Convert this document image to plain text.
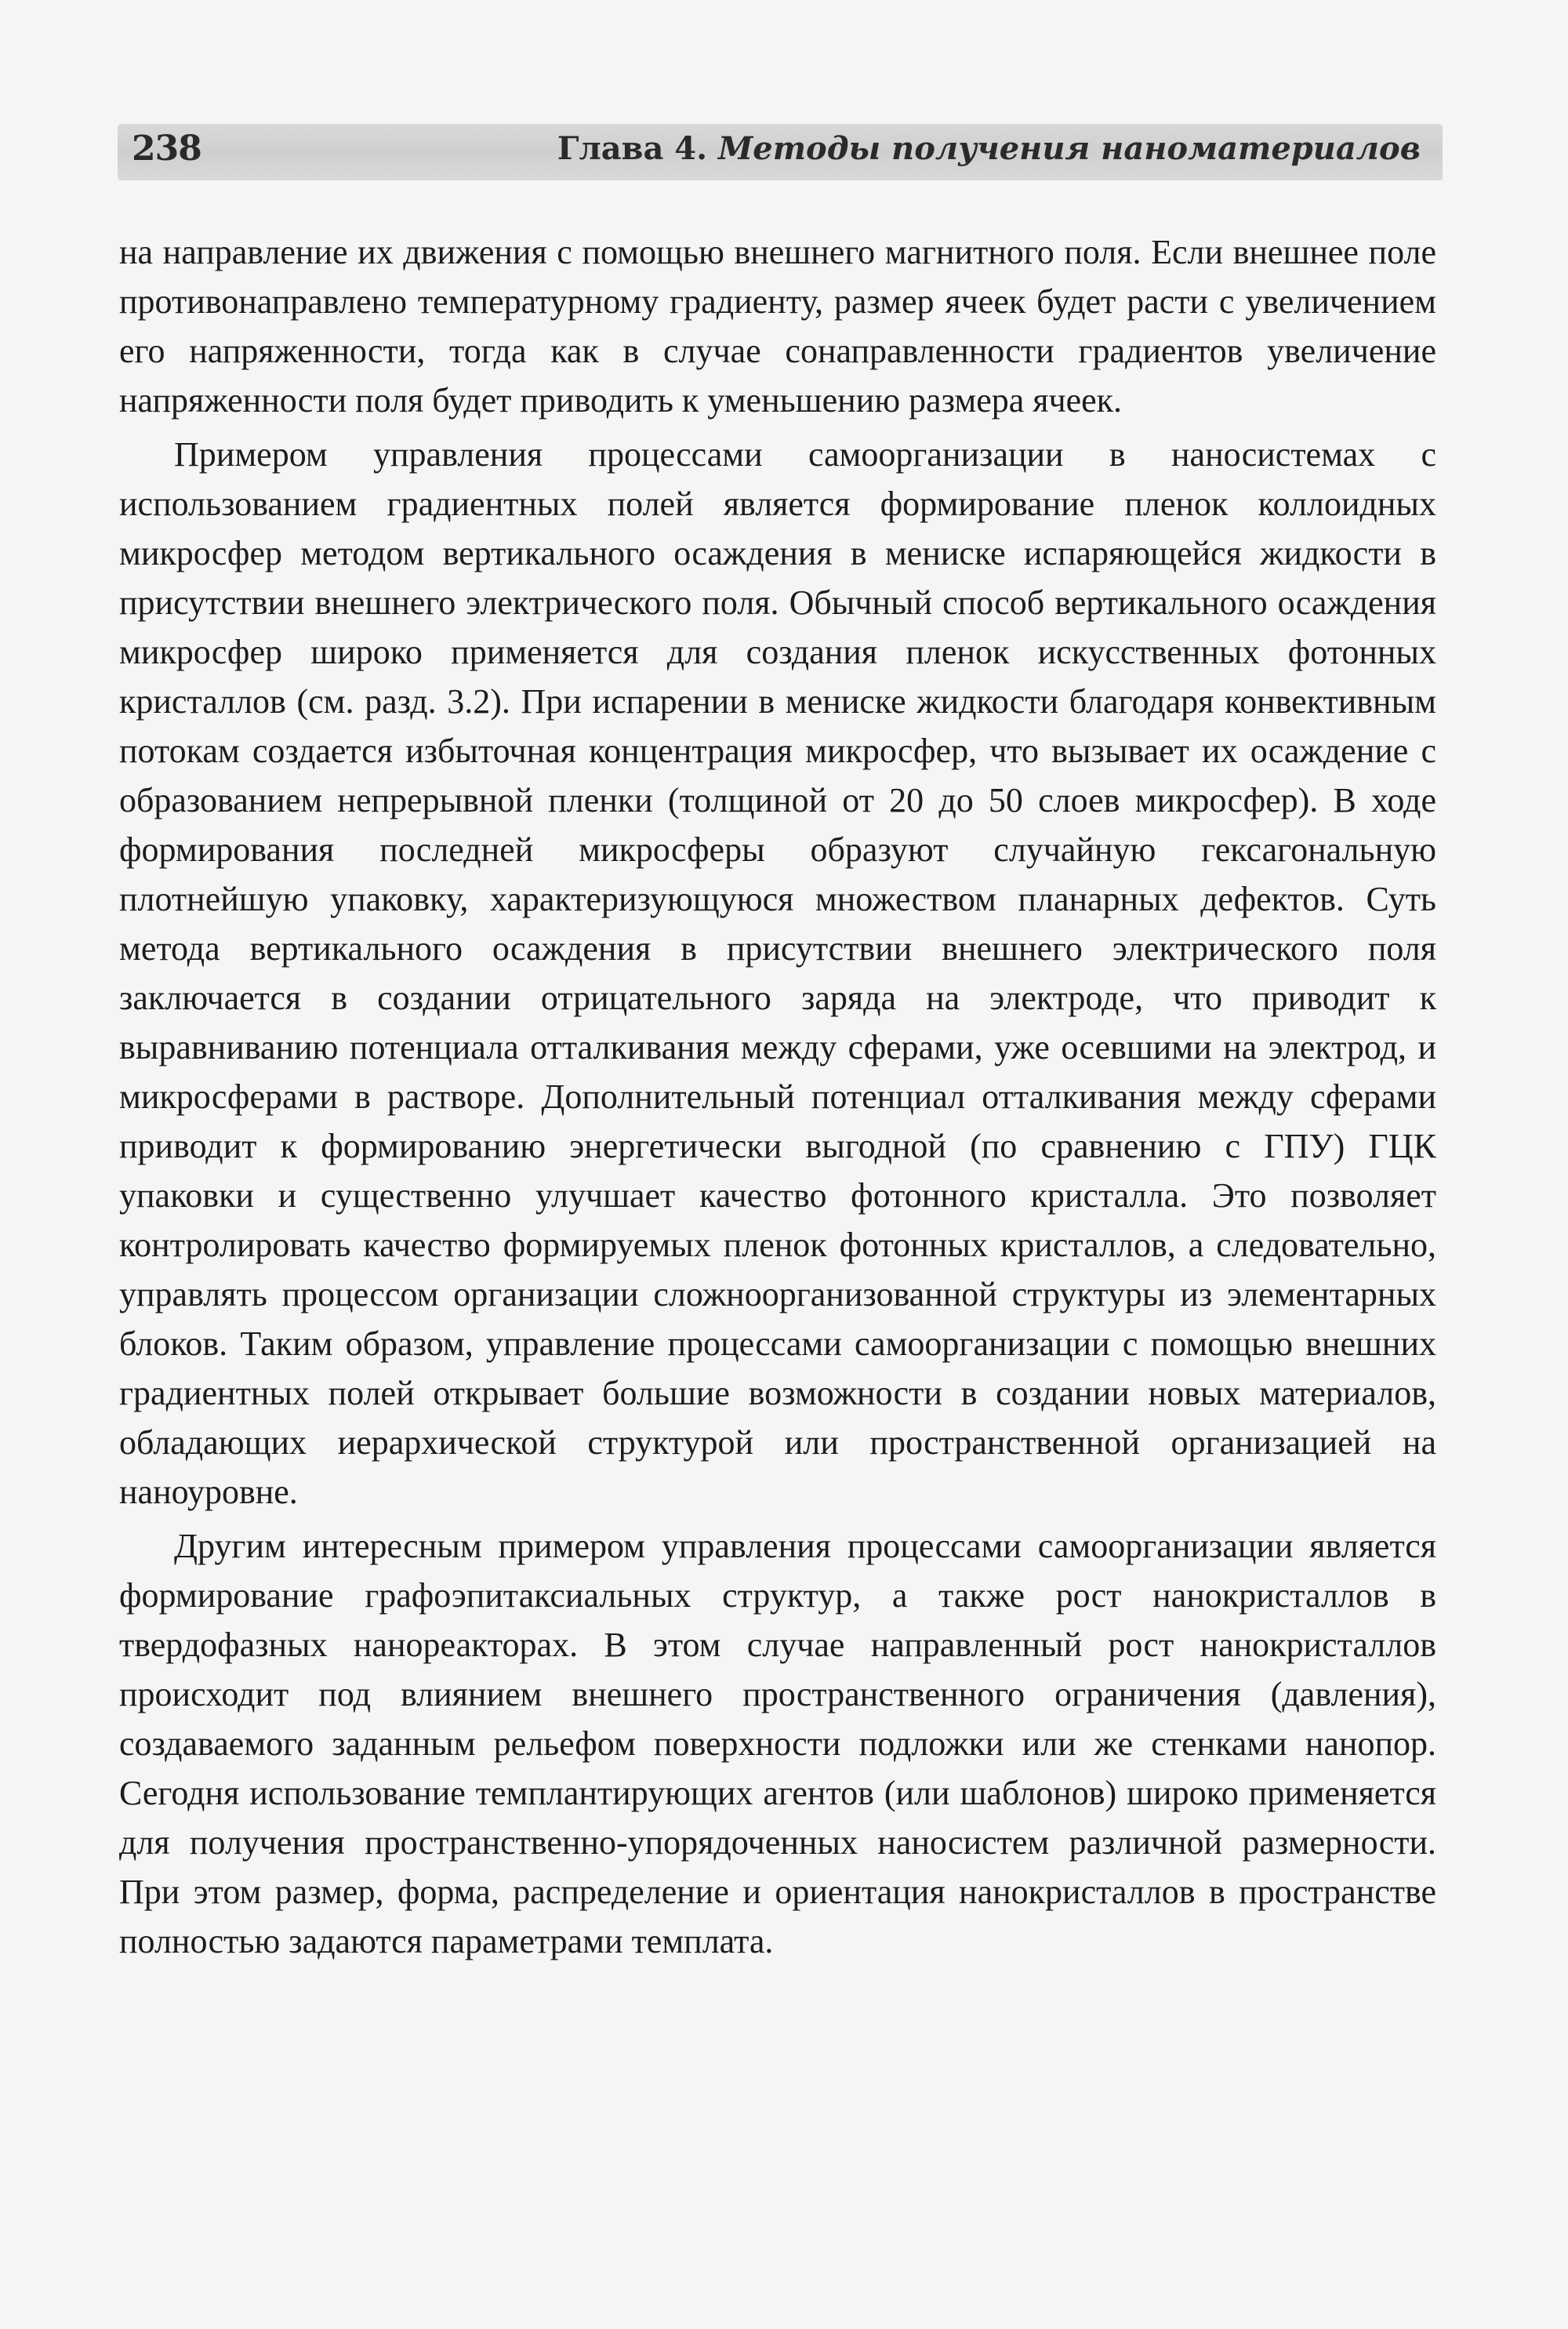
238	Глава 4. Методы получения наноматериалов

на направление их движения с помощью внешнего магнитного поля. Если внешнее поле противонаправлено температурному градиенту, размер ячеек будет расти с увеличением его напряженности, тогда как в случае сонаправленности градиентов увеличение напряженности поля будет приводить к уменьшению размера ячеек.

Примером управления процессами самоорганизации в наносистемах с использованием градиентных полей является формирование пленок коллоидных микросфер методом вертикального осаждения в мениске испаряющейся жидкости в присутствии внешнего электрического поля. Обычный способ вертикального осаждения микросфер широко применяется для создания пленок искусственных фотонных кристаллов (см. разд. 3.2). При испарении в мениске жидкости благодаря конвективным потокам создается избыточная концентрация микросфер, что вызывает их осаждение с образованием непрерывной пленки (толщиной от 20 до 50 слоев микросфер). В ходе формирования последней микросферы образуют случайную гексагональную плотнейшую упаковку, характеризующуюся множеством планарных дефектов. Суть метода вертикального осаждения в присутствии внешнего электрического поля заключается в создании отрицательного заряда на электроде, что приводит к выравниванию потенциала отталкивания между сферами, уже осевшими на электрод, и микросферами в растворе. Дополнительный потенциал отталкивания между сферами приводит к формированию энергетически выгодной (по сравнению с ГПУ) ГЦК упаковки и существенно улучшает качество фотонного кристалла. Это позволяет контролировать качество формируемых пленок фотонных кристаллов, а следовательно, управлять процессом организации сложноорганизованной структуры из элементарных блоков. Таким образом, управление процессами самоорганизации с помощью внешних градиентных полей открывает большие возможности в создании новых материалов, обладающих иерархической структурой или пространственной организацией на наноуровне.

Другим интересным примером управления процессами самоорганизации является формирование графоэпитаксиальных структур, а также рост нанокристаллов в твердофазных нанореакторах. В этом случае направленный рост нанокристаллов происходит под влиянием внешнего пространственного ограничения (давления), создаваемого заданным рельефом поверхности подложки или же стенками нанопор. Сегодня использование темплантирующих агентов (или шаблонов) широко применяется для получения пространственно-упорядоченных наносистем различной размерности. При этом размер, форма, распределение и ориентация нанокристаллов в пространстве полностью задаются параметрами темплата.
